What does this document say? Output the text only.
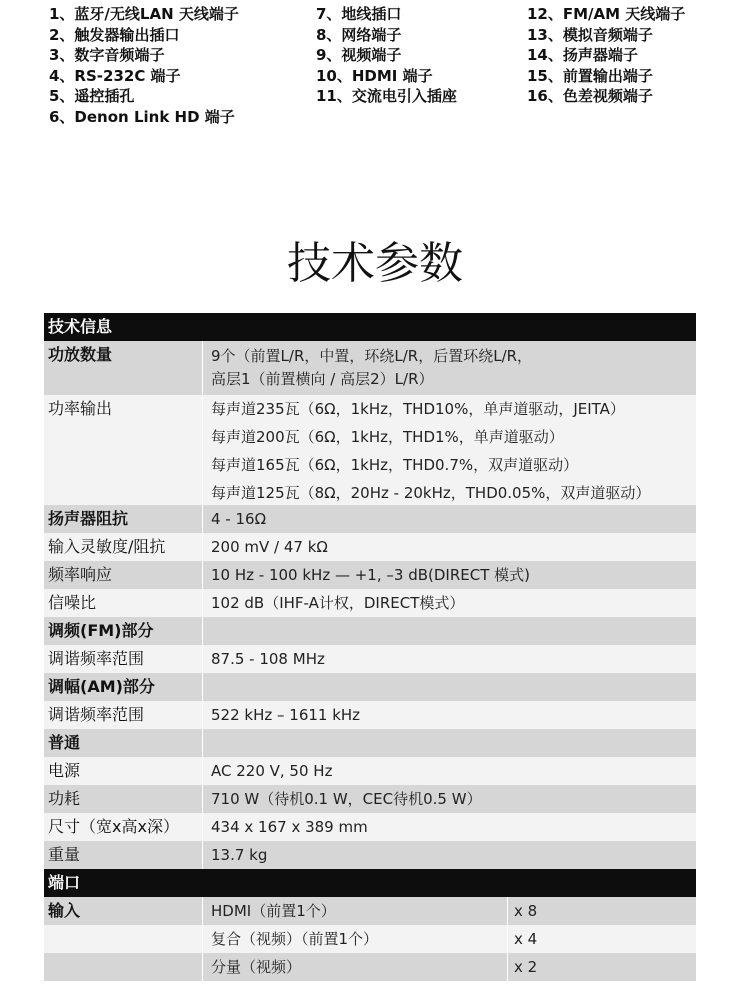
1、蓝牙/无线LAN 天线端子
2、触发器输出插口
3、数字音频端子
4、RS-232C 端子
5、遥控插孔
6、Denon Link HD 端子
7、地线插口
8、网络端子
9、视频端子
10、HDMI 端子
11、交流电引入插座
12、FM/AM 天线端子
13、模拟音频端子
14、扬声器端子
15、前置输出端子
16、色差视频端子
技术参数
技术信息
功放数量	9个（前置L/R，中置，环绕L/R，后置环绕L/R，
高层1（前置横向 / 高层2）L/R）
功率输出	每声道235瓦（6Ω，1kHz，THD10%，单声道驱动，JEITA）
每声道200瓦（6Ω，1kHz，THD1%，单声道驱动）
每声道165瓦（6Ω，1kHz，THD0.7%，双声道驱动）
每声道125瓦（8Ω，20Hz - 20kHz，THD0.05%，双声道驱动）
扬声器阻抗	4 - 16Ω
输入灵敏度/阻抗	200 mV / 47 kΩ
频率响应	10 Hz - 100 kHz — +1, –3 dB(DIRECT 模式)
信噪比	102 dB（IHF-A计权，DIRECT模式）
调频(FM)部分
调谐频率范围	87.5 - 108 MHz
调幅(AM)部分
调谐频率范围	522 kHz – 1611 kHz
普通
电源	AC 220 V, 50 Hz
功耗	710 W（待机0.1 W，CEC待机0.5 W）
尺寸（宽x高x深）	434 x 167 x 389 mm
重量	13.7 kg
端口
输入	HDMI（前置1个）	x 8
复合（视频）（前置1个）	x 4
分量（视频）	x 2
